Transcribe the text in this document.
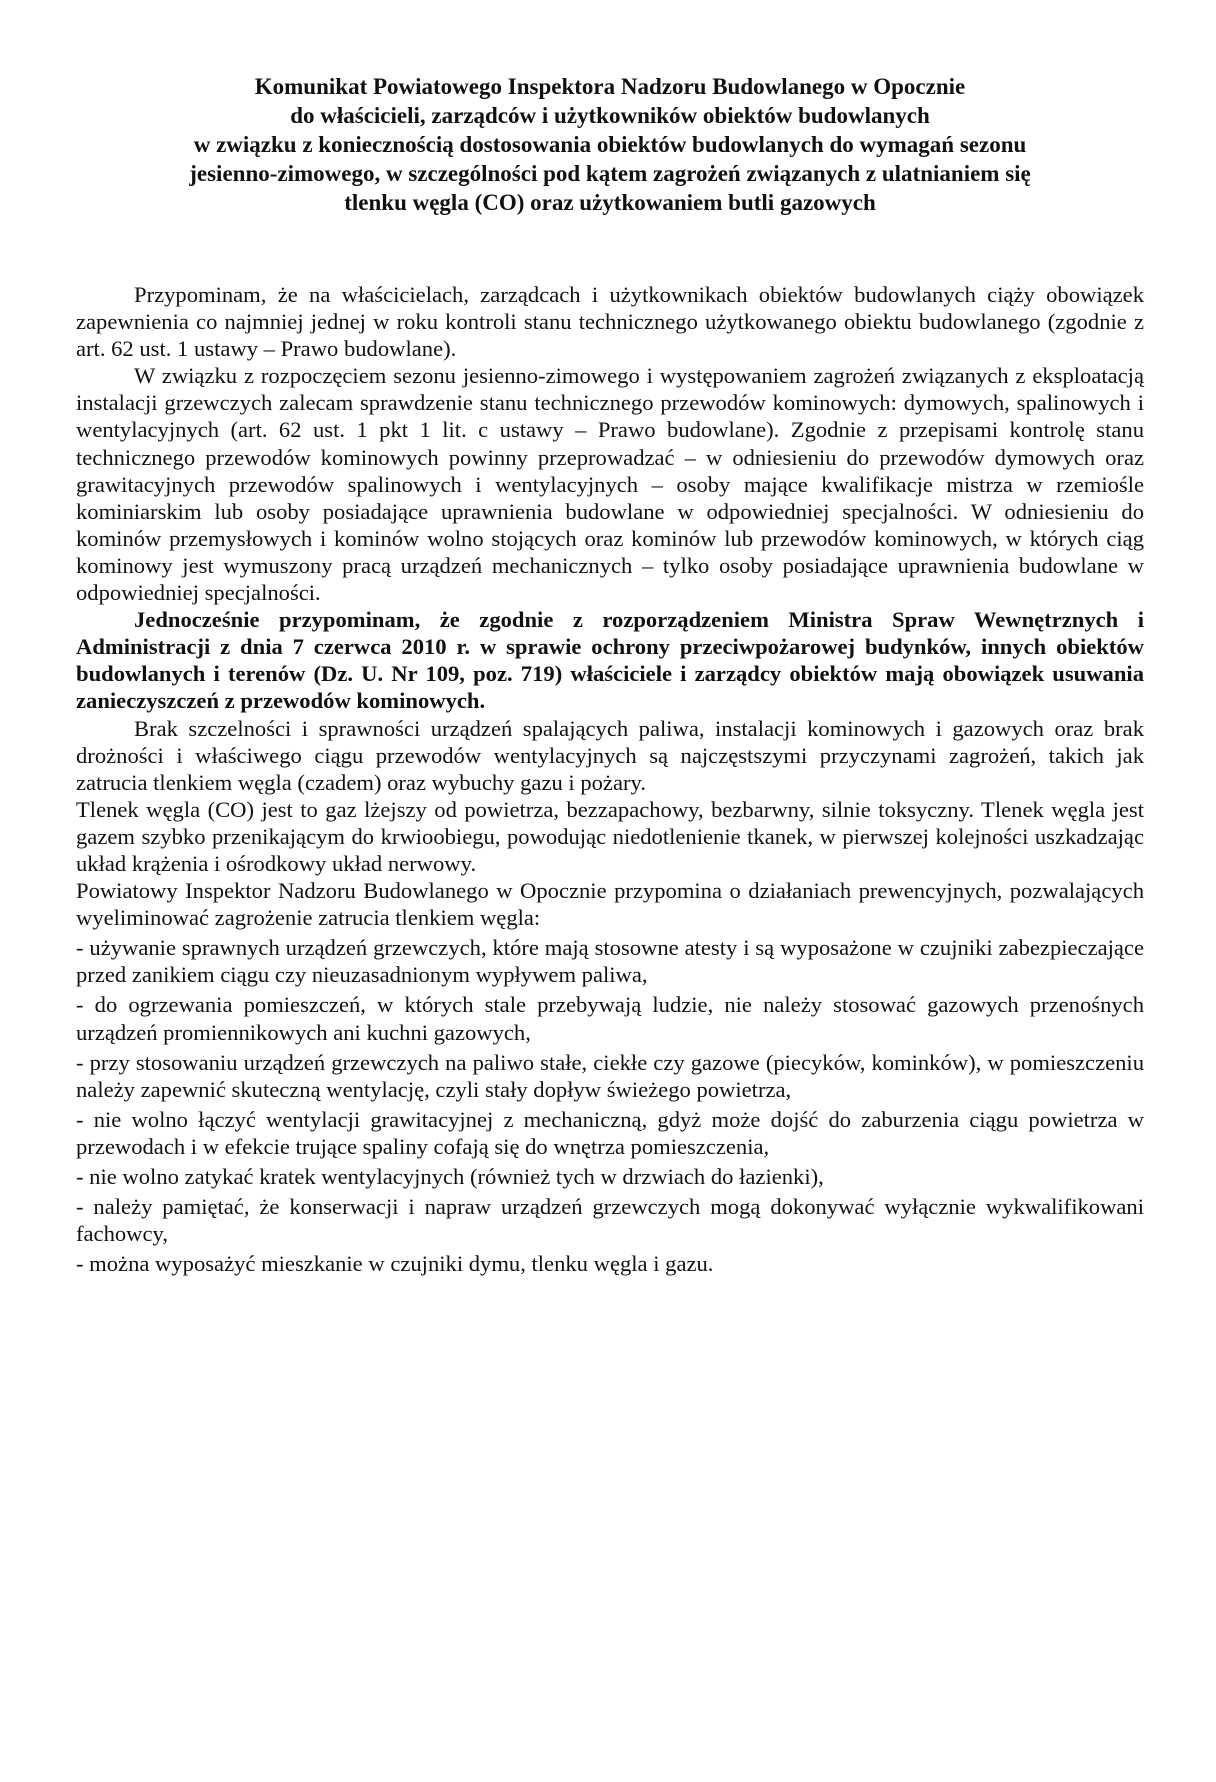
Komunikat Powiatowego Inspektora Nadzoru Budowlanego w Opocznie
do właścicieli, zarządców i użytkowników obiektów budowlanych
w związku z koniecznością dostosowania obiektów budowlanych do wymagań sezonu
jesienno-zimowego, w szczególności pod kątem zagrożeń związanych z ulatnianiem się
tlenku węgla (CO) oraz użytkowaniem butli gazowych

Przypominam, że na właścicielach, zarządcach i użytkownikach obiektów budowlanych ciąży obowiązek zapewnienia co najmniej jednej w roku kontroli stanu technicznego użytkowanego obiektu budowlanego (zgodnie z art. 62 ust. 1 ustawy – Prawo budowlane).

W związku z rozpoczęciem sezonu jesienno-zimowego i występowaniem zagrożeń związanych z eksploatacją instalacji grzewczych zalecam sprawdzenie stanu technicznego przewodów kominowych: dymowych, spalinowych i wentylacyjnych (art. 62 ust. 1 pkt 1 lit. c ustawy – Prawo budowlane). Zgodnie z przepisami kontrolę stanu technicznego przewodów kominowych powinny przeprowadzać – w odniesieniu do przewodów dymowych oraz grawitacyjnych przewodów spalinowych i wentylacyjnych – osoby mające kwalifikacje mistrza w rzemiośle kominiarskim lub osoby posiadające uprawnienia budowlane w odpowiedniej specjalności. W odniesieniu do kominów przemysłowych i kominów wolno stojących oraz kominów lub przewodów kominowych, w których ciąg kominowy jest wymuszony pracą urządzeń mechanicznych – tylko osoby posiadające uprawnienia budowlane w odpowiedniej specjalności.

Jednocześnie przypominam, że zgodnie z rozporządzeniem Ministra Spraw Wewnętrznych i Administracji z dnia 7 czerwca 2010 r. w sprawie ochrony przeciwpożarowej budynków, innych obiektów budowlanych i terenów (Dz. U. Nr 109, poz. 719) właściciele i zarządcy obiektów mają obowiązek usuwania zanieczyszczeń z przewodów kominowych.

Brak szczelności i sprawności urządzeń spalających paliwa, instalacji kominowych i gazowych oraz brak drożności i właściwego ciągu przewodów wentylacyjnych są najczęstszymi przyczynami zagrożeń, takich jak zatrucia tlenkiem węgla (czadem) oraz wybuchy gazu i pożary.

Tlenek węgla (CO) jest to gaz lżejszy od powietrza, bezzapachowy, bezbarwny, silnie toksyczny. Tlenek węgla jest gazem szybko przenikającym do krwioobiegu, powodując niedotlenienie tkanek, w pierwszej kolejności uszkadzając układ krążenia i ośrodkowy układ nerwowy.

Powiatowy Inspektor Nadzoru Budowlanego w Opocznie przypomina o działaniach prewencyjnych, pozwalających wyeliminować zagrożenie zatrucia tlenkiem węgla:

- używanie sprawnych urządzeń grzewczych, które mają stosowne atesty i są wyposażone w czujniki zabezpieczające przed zanikiem ciągu czy nieuzasadnionym wypływem paliwa,

- do ogrzewania pomieszczeń, w których stale przebywają ludzie, nie należy stosować gazowych przenośnych urządzeń promiennikowych ani kuchni gazowych,

- przy stosowaniu urządzeń grzewczych na paliwo stałe, ciekłe czy gazowe (piecyków, kominków), w pomieszczeniu należy zapewnić skuteczną wentylację, czyli stały dopływ świeżego powietrza,

- nie wolno łączyć wentylacji grawitacyjnej z mechaniczną, gdyż może dojść do zaburzenia ciągu powietrza w przewodach i w efekcie trujące spaliny cofają się do wnętrza pomieszczenia,

- nie wolno zatykać kratek wentylacyjnych (również tych w drzwiach do łazienki),

- należy pamiętać, że konserwacji i napraw urządzeń grzewczych mogą dokonywać wyłącznie wykwalifikowani fachowcy,

- można wyposażyć mieszkanie w czujniki dymu, tlenku węgla i gazu.
